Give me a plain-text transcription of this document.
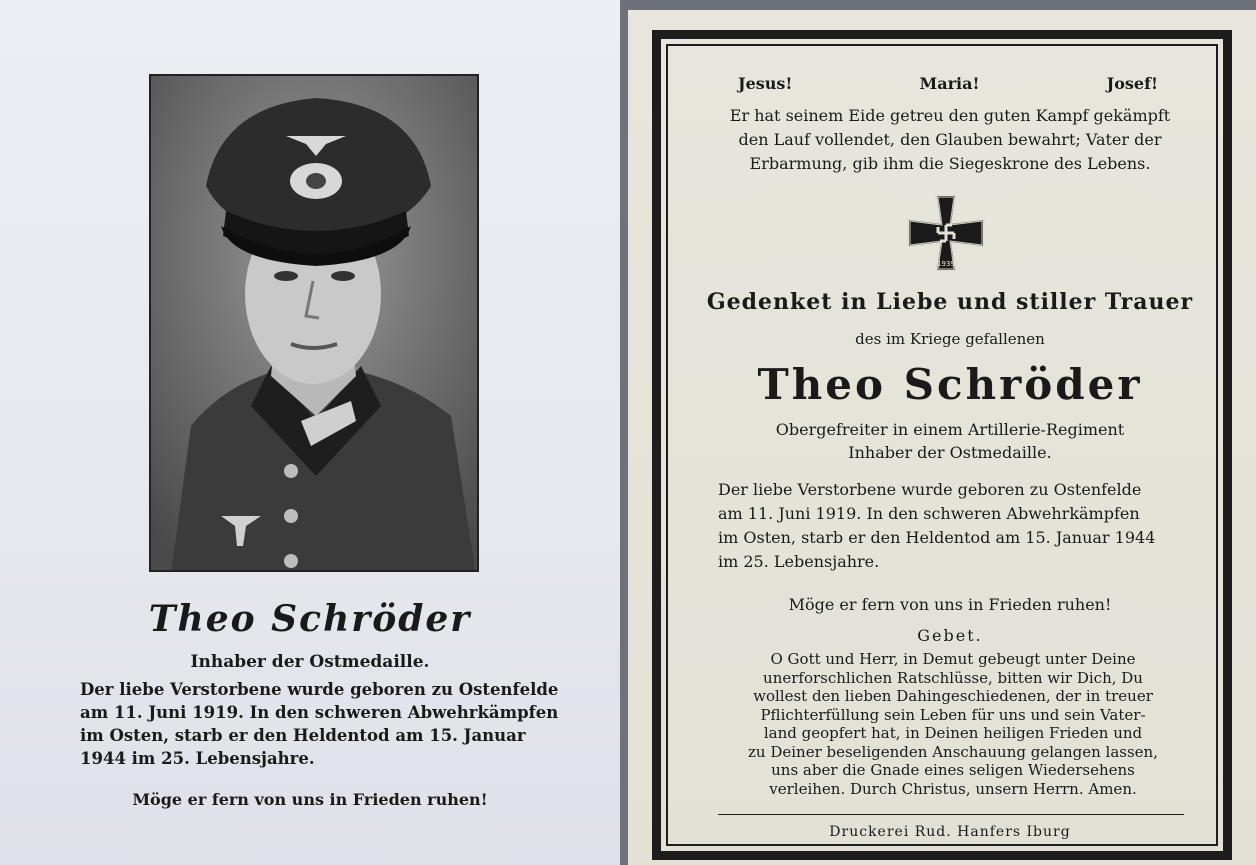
Theo Schröder
Inhaber der Ostmedaille.
Der liebe Verstorbene wurde geboren zu Ostenfelde
am 11. Juni 1919. In den schweren Abwehrkämpfen
im Osten, starb er den Heldentod am 15. Januar
1944 im 25. Lebensjahre.
Möge er fern von uns in Frieden ruhen!
Jesus!	Maria!	Josef!
Er hat seinem Eide getreu den guten Kampf gekämpft
den Lauf vollendet, den Glauben bewahrt; Vater der
Erbarmung, gib ihm die Siegeskrone des Lebens.
1939
Gedenket in Liebe und stiller Trauer
des im Kriege gefallenen
Theo Schröder
Obergefreiter in einem Artillerie-Regiment
Inhaber der Ostmedaille.
Der liebe Verstorbene wurde geboren zu Ostenfelde
am 11. Juni 1919. In den schweren Abwehrkämpfen
im Osten, starb er den Heldentod am 15. Januar 1944
im 25. Lebensjahre.
Möge er fern von uns in Frieden ruhen!
Gebet.
O Gott und Herr, in Demut gebeugt unter Deine
unerforschlichen Ratschlüsse, bitten wir Dich, Du
wollest den lieben Dahingeschiedenen, der in treuer
Pflichterfüllung sein Leben für uns und sein Vater-
land geopfert hat, in Deinen heiligen Frieden und
zu Deiner beseligenden Anschauung gelangen lassen,
uns aber die Gnade eines seligen Wiedersehens
verleihen. Durch Christus, unsern Herrn. Amen.
Druckerei Rud. Hanfers Iburg
